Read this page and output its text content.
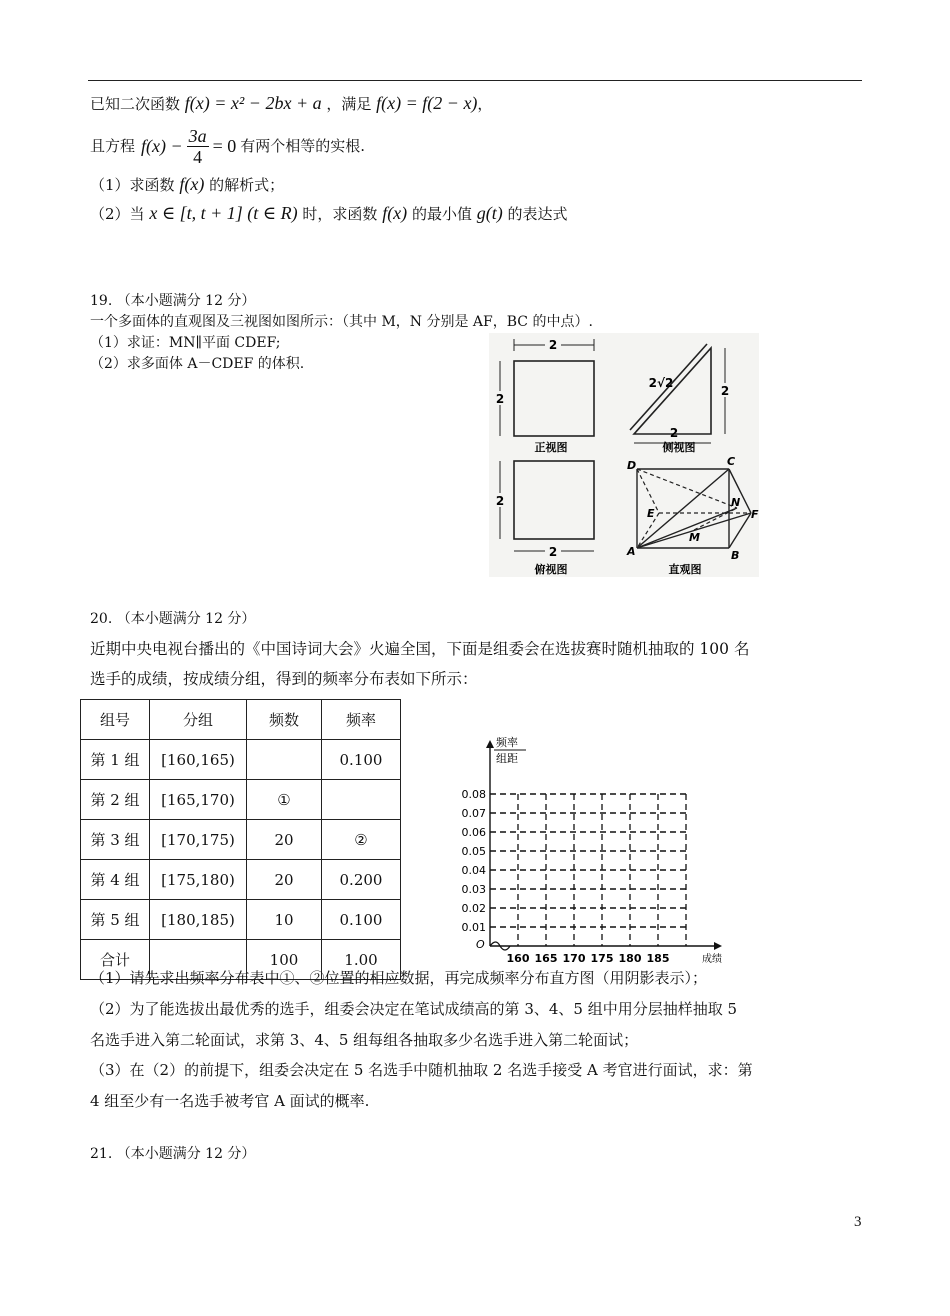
已知二次函数 f(x) = x² − 2bx + a ，满足 f(x) = f(2 − x)，
且方程 $f(x) - \frac{3a}{4} = 0$ 有两个相等的实根.
（1）求函数 f(x) 的解析式；
（2）当 x ∈ [t, t + 1] (t ∈ R) 时，求函数 f(x) 的最小值 g(t) 的表达式
19. （本小题满分 12 分）
一个多面体的直观图及三视图如图所示：（其中 M，N 分别是 AF，BC 的中点）.
（1）求证：MN∥平面 CDEF;
（2）求多面体 A－CDEF 的体积.
2
2
正视图
2
2
2√2
侧视图
2
2
俯视图
D	C
E
N
F
M
A	B
直观图
20. （本小题满分 12 分）
近期中央电视台播出的《中国诗词大会》火遍全国，下面是组委会在选拔赛时随机抽取的 100 名
选手的成绩，按成绩分组，得到的频率分布表如下所示：
组号	分组	频数	频率
第 1 组	[160,165)		0.100
第 2 组	[165,170)	①	
第 3 组	[170,175)	20	②
第 4 组	[175,180)	20	0.200
第 5 组	[180,185)	10	0.100
合计		100	1.00
0.01
0.02
0.03
0.04
0.05
0.06
0.07
0.08
频率
组距
O
160 165 170 175 180 185	成绩
（1）请先求出频率分布表中①、②位置的相应数据，再完成频率分布直方图（用阴影表示）；
（2）为了能选拔出最优秀的选手，组委会决定在笔试成绩高的第 3、4、5 组中用分层抽样抽取 5
名选手进入第二轮面试，求第 3、4、5 组每组各抽取多少名选手进入第二轮面试；
（3）在（2）的前提下，组委会决定在 5 名选手中随机抽取 2 名选手接受 A 考官进行面试，求：第
4 组至少有一名选手被考官 A 面试的概率.
21. （本小题满分 12 分）
3
